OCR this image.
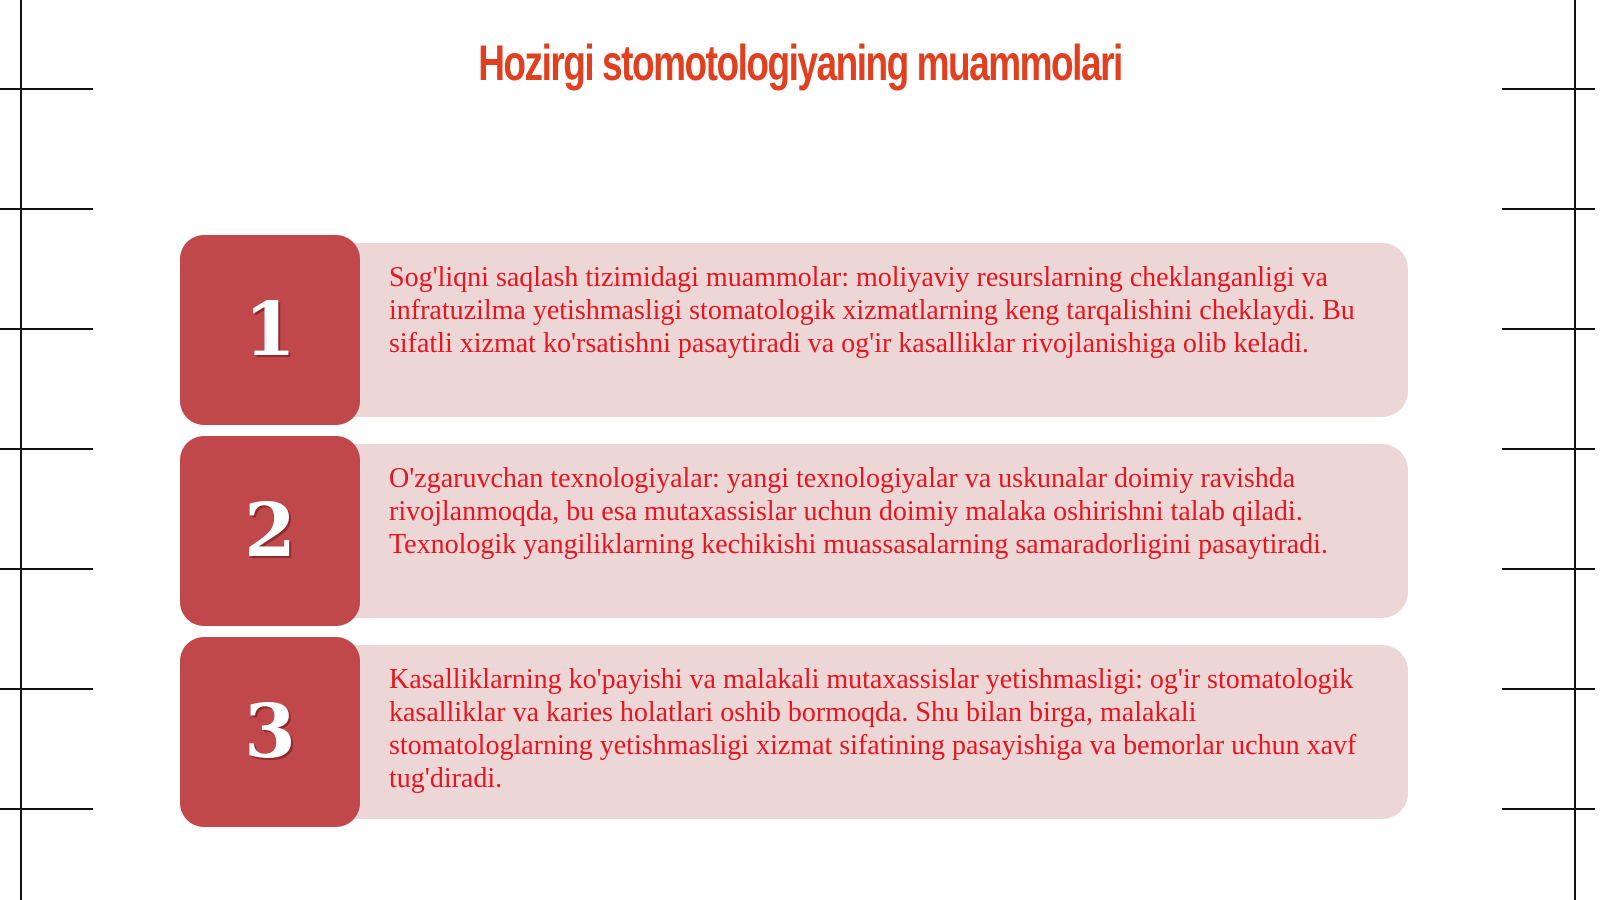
Hozirgi stomotologiyaning muammolari
1

Sog'liqni saqlash tizimidagi muammolar: moliyaviy resurslarning cheklanganligi va infratuzilma yetishmasligi stomatologik xizmatlarning keng tarqalishini cheklaydi. Bu sifatli xizmat ko'rsatishni pasaytiradi va og'ir kasalliklar rivojlanishiga olib keladi.

2

O'zgaruvchan texnologiyalar: yangi texnologiyalar va uskunalar doimiy ravishda rivojlanmoqda, bu esa mutaxassislar uchun doimiy malaka oshirishni talab qiladi. Texnologik yangiliklarning kechikishi muassasalarning samaradorligini pasaytiradi.

3

Kasalliklarning ko'payishi va malakali mutaxassislar yetishmasligi: og'ir stomatologik kasalliklar va karies holatlari oshib bormoqda. Shu bilan birga, malakali stomatologlarning yetishmasligi xizmat sifatining pasayishiga va bemorlar uchun xavf tug'diradi.
